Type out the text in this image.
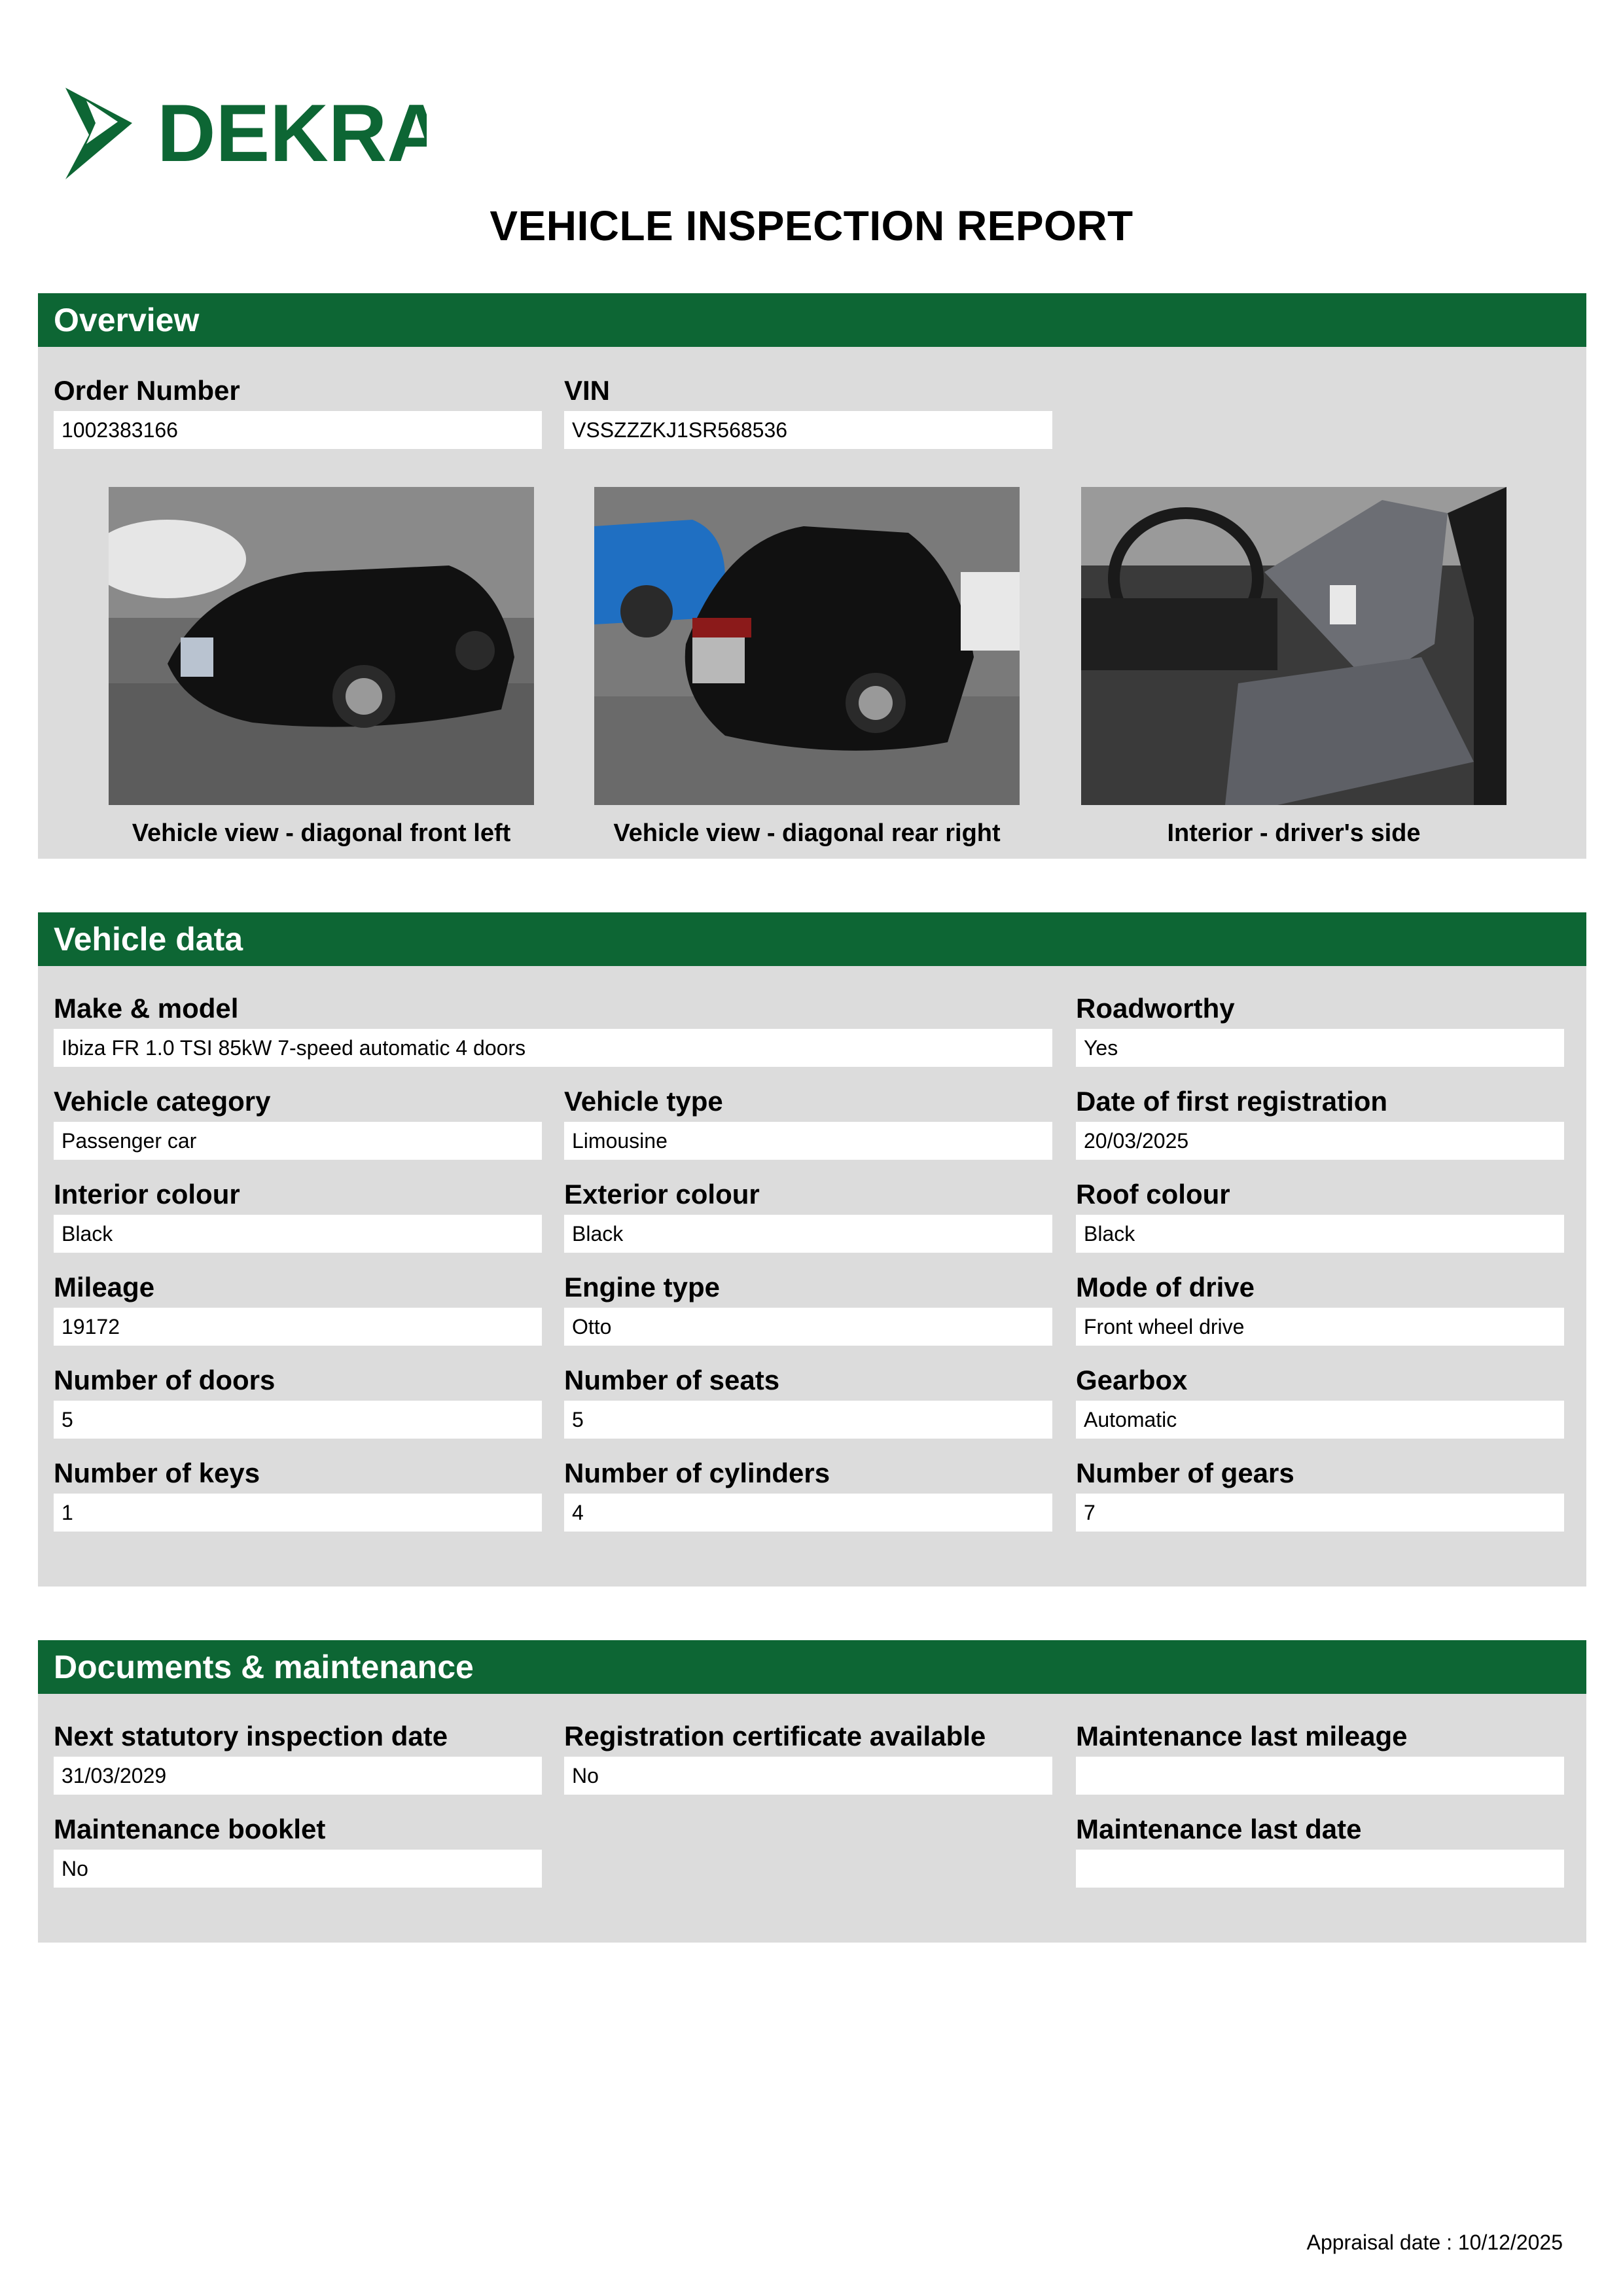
DEKRA
VEHICLE INSPECTION REPORT
Overview
Order Number
1002383166
VIN
VSSZZZKJ1SR568536
Vehicle view - diagonal front left	Vehicle view - diagonal rear right	Interior - driver's side
Vehicle data
Make & model
Ibiza FR 1.0 TSI 85kW 7-speed automatic 4 doors
Roadworthy
Yes
Vehicle category
Passenger car
Vehicle type
Limousine
Date of first registration
20/03/2025
Interior colour
Black
Exterior colour
Black
Roof colour
Black
Mileage
19172
Engine type
Otto
Mode of drive
Front wheel drive
Number of doors
5
Number of seats
5
Gearbox
Automatic
Number of keys
1
Number of cylinders
4
Number of gears
7
Documents & maintenance
Next statutory inspection date
31/03/2029
Registration certificate available
No
Maintenance last mileage
Maintenance booklet
No
Maintenance last date
Appraisal date : 10/12/2025
